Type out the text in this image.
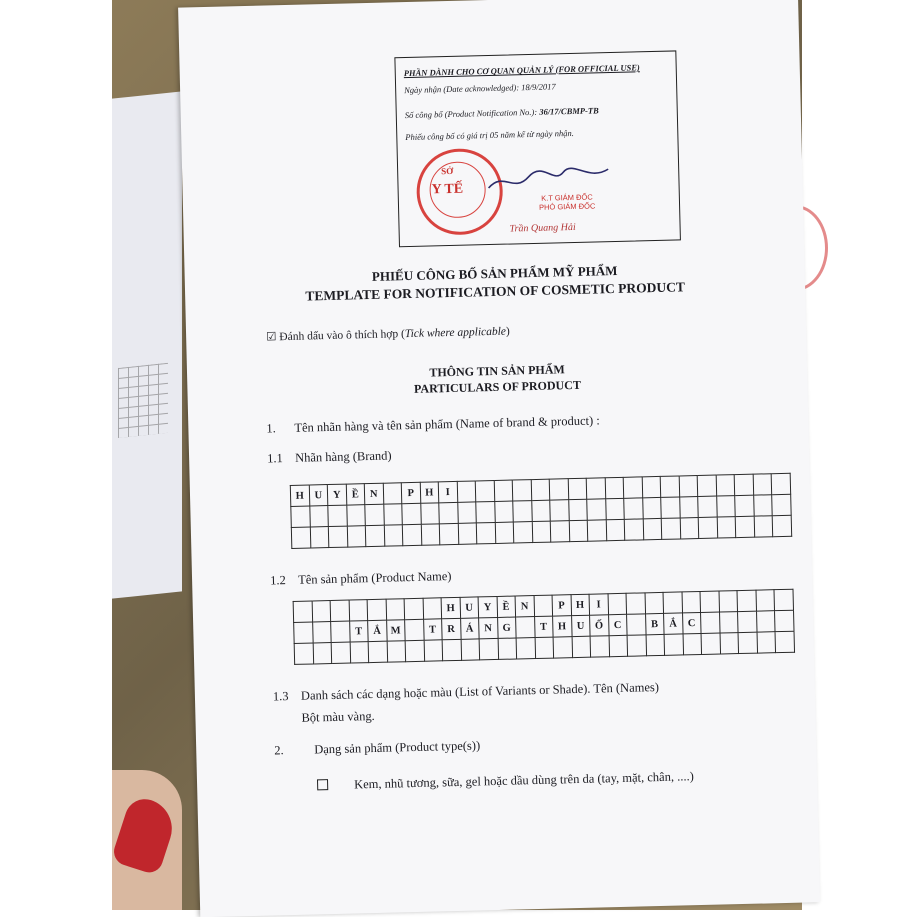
PHẦN DÀNH CHO CƠ QUAN QUẢN LÝ (FOR OFFICIAL USE)
Ngày nhận (Date acknowledged): 18/9/2017
Số công bố (Product Notification No.): 36/17/CBMP-TB
Phiếu công bố có giá trị 05 năm kể từ ngày nhận.
SỞ
Y TẾ
K.T GIÁM ĐỐC
PHÓ GIÁM ĐỐC
Trần Quang Hải
PHIẾU CÔNG BỐ SẢN PHẨM MỸ PHẨM
TEMPLATE FOR NOTIFICATION OF COSMETIC PRODUCT
☑ Đánh dấu vào ô thích hợp (Tick where applicable)
THÔNG TIN SẢN PHẨM
PARTICULARS OF PRODUCT
1. Tên nhãn hàng và tên sản phẩm (Name of brand & product) :
1.1 Nhãn hàng (Brand)
H	U	Y	Ề	N		P	H	I																		

1.2 Tên sản phẩm (Product Name)
								H	U	Y	Ề	N		P	H	I										
			T	Ắ	M		T	R	Á	N	G		T	H	U	Ố	C		B	Ắ	C					

1.3 Danh sách các dạng hoặc màu (List of Variants or Shade). Tên (Names)
Bột màu vàng.
2. Dạng sản phẩm (Product type(s))
Kem, nhũ tương, sữa, gel hoặc dầu dùng trên da (tay, mặt, chân, ....)
